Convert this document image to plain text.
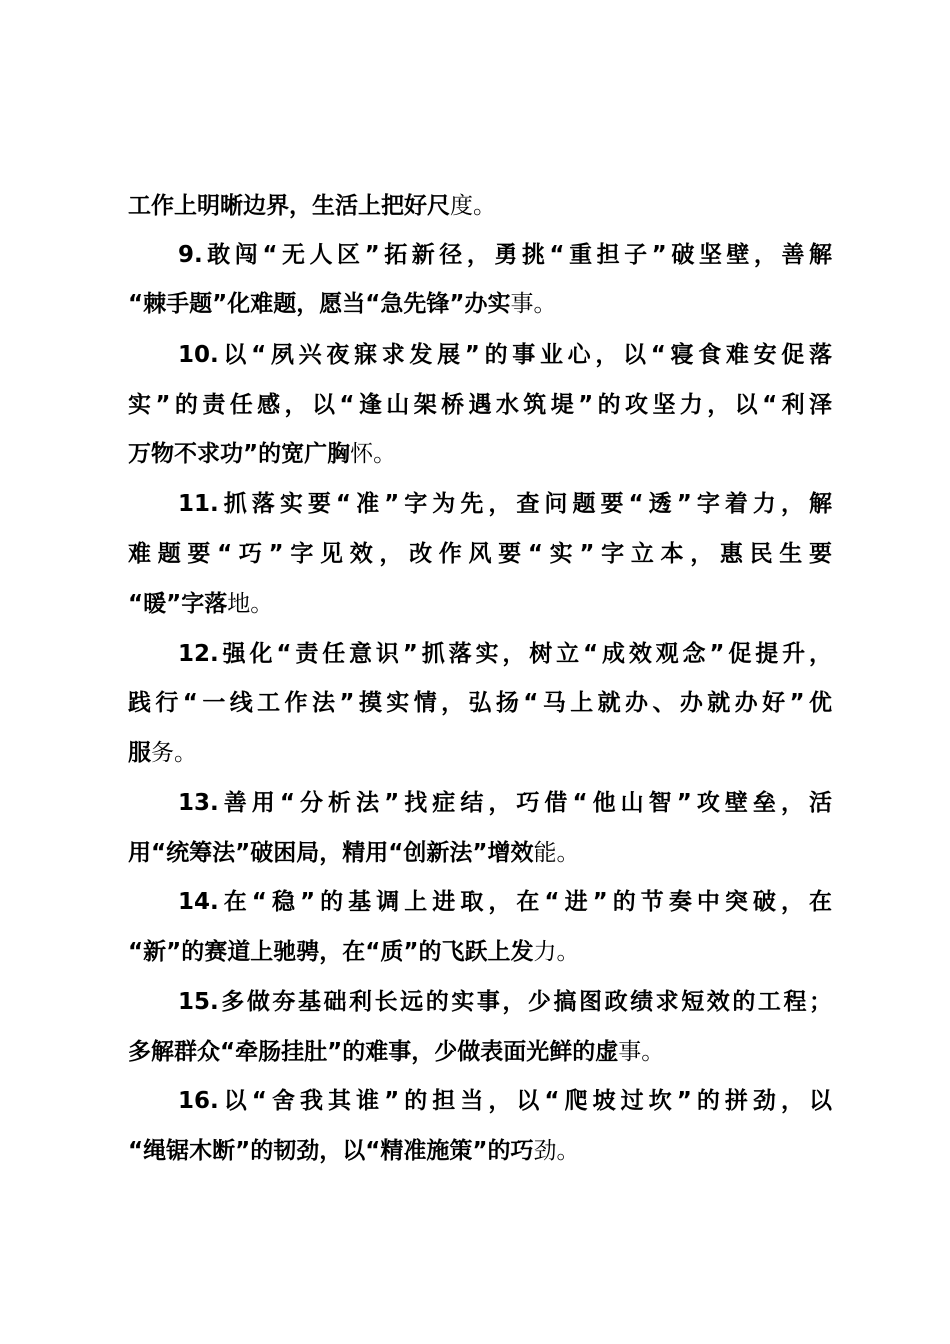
工作上明晰边界，生活上把好尺度。
9.敢闯“无人区”拓新径，勇挑“重担子”破坚壁，善解
“棘手题”化难题，愿当“急先锋”办实事。
10.以“夙兴夜寐求发展”的事业心，以“寝食难安促落
实”的责任感，以“逢山架桥遇水筑堤”的攻坚力，以“利泽
万物不求功”的宽广胸怀。
11.抓落实要“准”字为先，查问题要“透”字着力，解
难题要“巧”字见效，改作风要“实”字立本，惠民生要
“暖”字落地。
12.强化“责任意识”抓落实，树立“成效观念”促提升，
践行“一线工作法”摸实情，弘扬“马上就办、办就办好”优
服务。
13.善用“分析法”找症结，巧借“他山智”攻壁垒，活
用“统筹法”破困局，精用“创新法”增效能。
14.在“稳”的基调上进取，在“进”的节奏中突破，在
“新”的赛道上驰骋，在“质”的飞跃上发力。
15.多做夯基础利长远的实事，少搞图政绩求短效的工程；
多解群众“牵肠挂肚”的难事，少做表面光鲜的虚事。
16.以“舍我其谁”的担当，以“爬坡过坎”的拼劲，以
“绳锯木断”的韧劲，以“精准施策”的巧劲。
